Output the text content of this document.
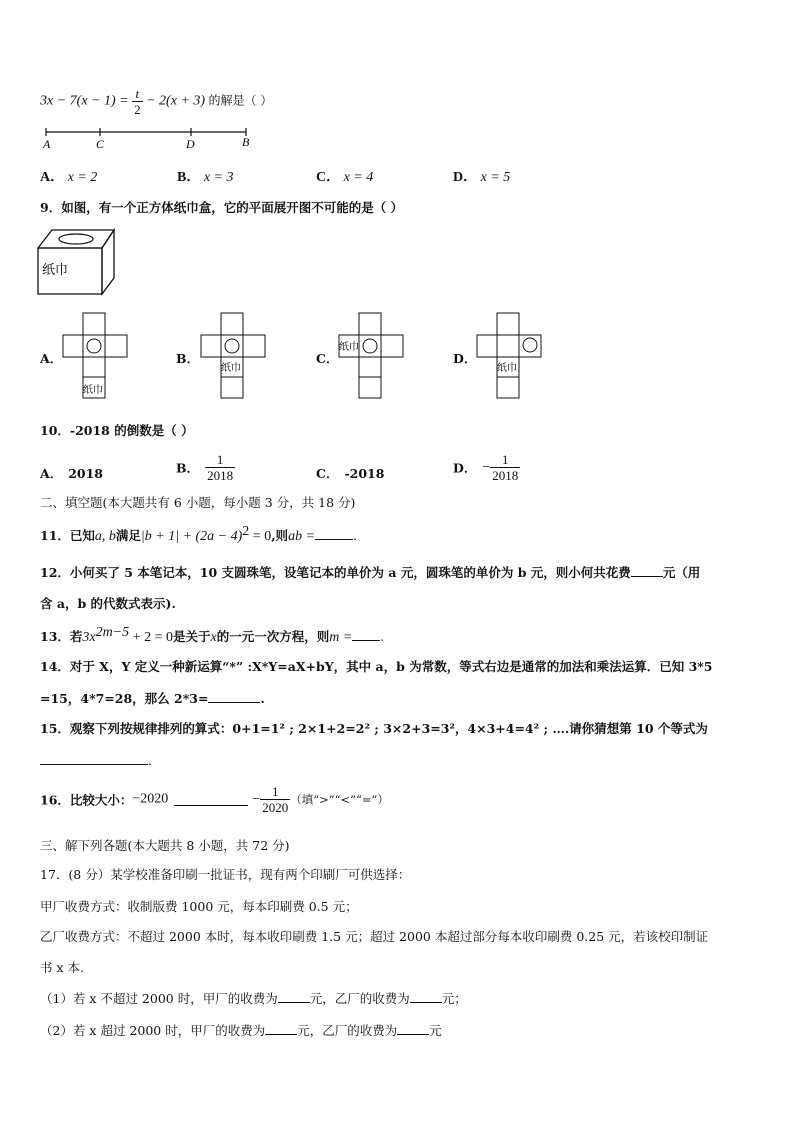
$3x - 7(x - 1) = \frac{t}{2} - 2(x + 3)$ 的解是（ ）
A	C	D	B
A． x = 2	B． x = 3	C． x = 4	D． x = 5
9．如图，有一个正方体纸巾盒，它的平面展开图不可能的是（ ）
纸巾
A．
纸巾
B．
纸巾
C．
纸巾
D．
纸巾
10．-2018 的倒数是（ ）
A． 2018	B． $\frac{1}{2018}$	C． -2018	D． − $\frac{1}{2018}$
二、填空题(本大题共有 6 小题，每小题 3 分，共 18 分)
11．已知a, b满足$|b + 1| + (2a - 4)^2 = 0$,则ab =	.
12．小何买了 5 本笔记本，10 支圆珠笔，设笔记本的单价为 a 元，圆珠笔的单价为 b 元，则小何共花费	元（用
含 a，b 的代数式表示).
13．若$3x^{2m-5} + 2 = 0$是关于x的一元一次方程，则m = .
14．对于 X，Y 定义一种新运算“*” :X*Y=aX+bY，其中 a，b 为常数，等式右边是通常的加法和乘法运算．已知 3*5
=15，4*7=28，那么 2*3=	.
15．观察下列按规律排列的算式：0+1=1² ; 2×1+2=2² ; 3×2+3=3²，4×3+4=4² ; ….请你猜想第 10 个等式为
.
16．比较大小：−2020	− $\frac{1}{2020}$ （填“>”“<”“=”）
三、解下列各题(本大题共 8 小题，共 72 分)
17．(8 分）某学校准备印刷一批证书，现有两个印刷厂可供选择：
甲厂收费方式：收制版费 1000 元，每本印刷费 0.5 元；
乙厂收费方式：不超过 2000 本时，每本收印刷费 1.5 元；超过 2000 本超过部分每本收印刷费 0.25 元，若该校印制证
书 x 本.
（1）若 x 不超过 2000 时，甲厂的收费为	元，乙厂的收费为	元；
（2）若 x 超过 2000 时，甲厂的收费为	元，乙厂的收费为	元
